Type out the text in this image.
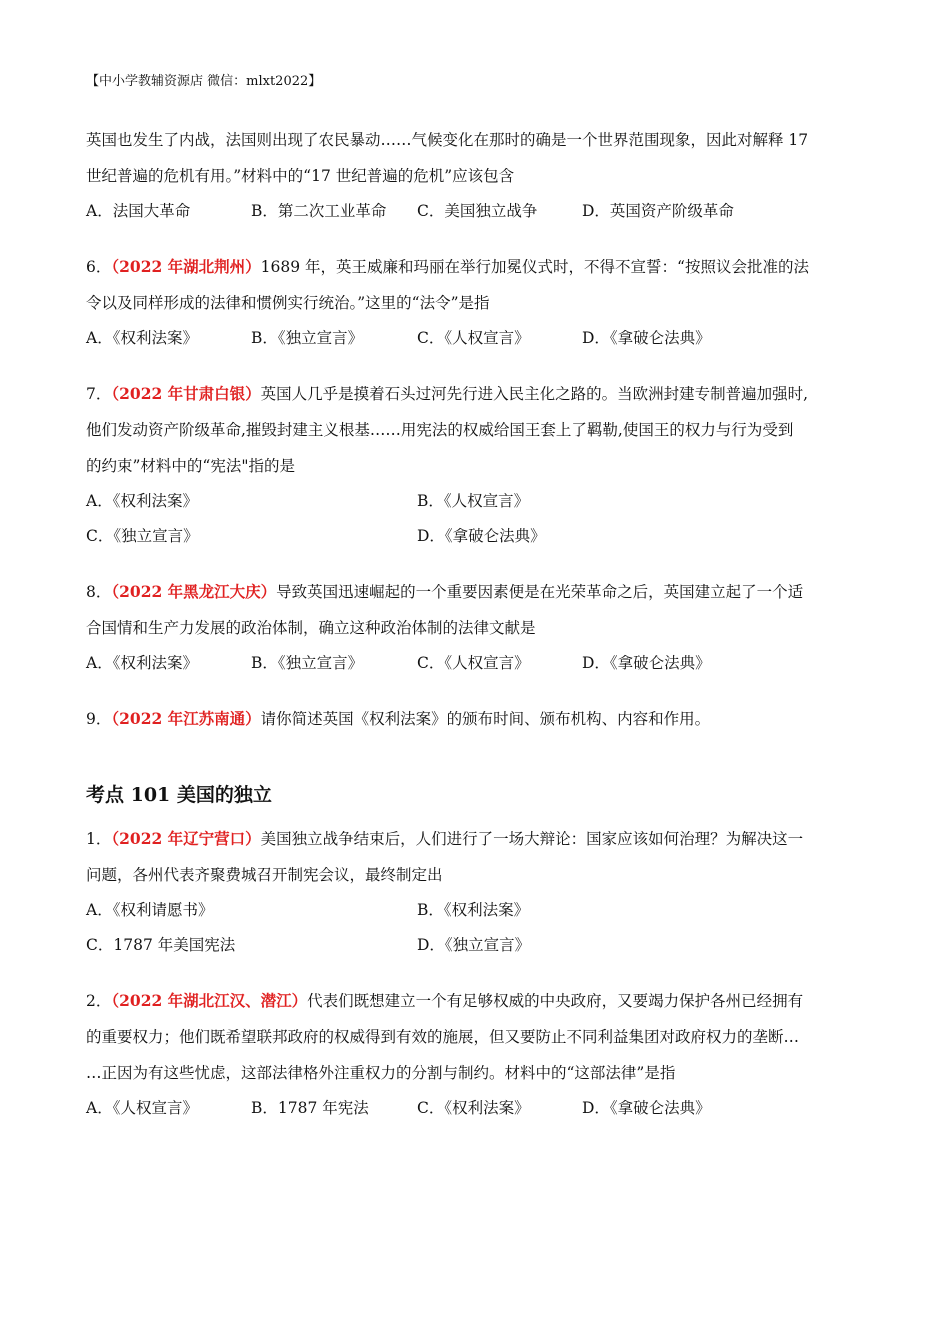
【中小学教辅资源店 微信：mlxt2022】

英国也发生了内战，法国则出现了农民暴动……气候变化在那时的确是一个世界范围现象，因此对解释 17

世纪普遍的危机有用。”材料中的“17 世纪普遍的危机”应该包含

A．法国大革命	B．第二次工业革命 C．美国独立战争	D．英国资产阶级革命

6．（2022 年湖北荆州）1689 年，英王威廉和玛丽在举行加冕仪式时，不得不宣誓：“按照议会批准的法

令以及同样形成的法律和惯例实行统治。”这里的“法令”是指

A．《权利法案》	B．《独立宣言》	C．《人权宣言》	D．《拿破仑法典》

7．（2022 年甘肃白银）英国人几乎是摸着石头过河先行进入民主化之路的。当欧洲封建专制普遍加强时,

他们发动资产阶级革命,摧毁封建主义根基……用宪法的权威给国王套上了羁勒,使国王的权力与行为受到

的约束”材料中的“宪法"指的是

A．《权利法案》	B．《人权宣言》
C．《独立宣言》	D．《拿破仑法典》

8．（2022 年黑龙江大庆）导致英国迅速崛起的一个重要因素便是在光荣革命之后，英国建立起了一个适

合国情和生产力发展的政治体制，确立这种政治体制的法律文献是

A．《权利法案》	B．《独立宣言》	C．《人权宣言》	D．《拿破仑法典》

9．（2022 年江苏南通）请你简述英国《权利法案》的颁布时间、颁布机构、内容和作用。

考点 101 美国的独立

1．（2022 年辽宁营口）美国独立战争结束后，人们进行了一场大辩论：国家应该如何治理？为解决这一

问题，各州代表齐聚费城召开制宪会议，最终制定出

A．《权利请愿书》	B．《权利法案》
C．1787 年美国宪法	D．《独立宣言》

2．（2022 年湖北江汉、潜江）代表们既想建立一个有足够权威的中央政府，又要竭力保护各州已经拥有

的重要权力；他们既希望联邦政府的权威得到有效的施展，但又要防止不同利益集团对政府权力的垄断…

…正因为有这些忧虑，这部法律格外注重权力的分割与制约。材料中的“这部法律”是指

A．《人权宣言》	B．1787 年宪法	C．《权利法案》	D．《拿破仑法典》
